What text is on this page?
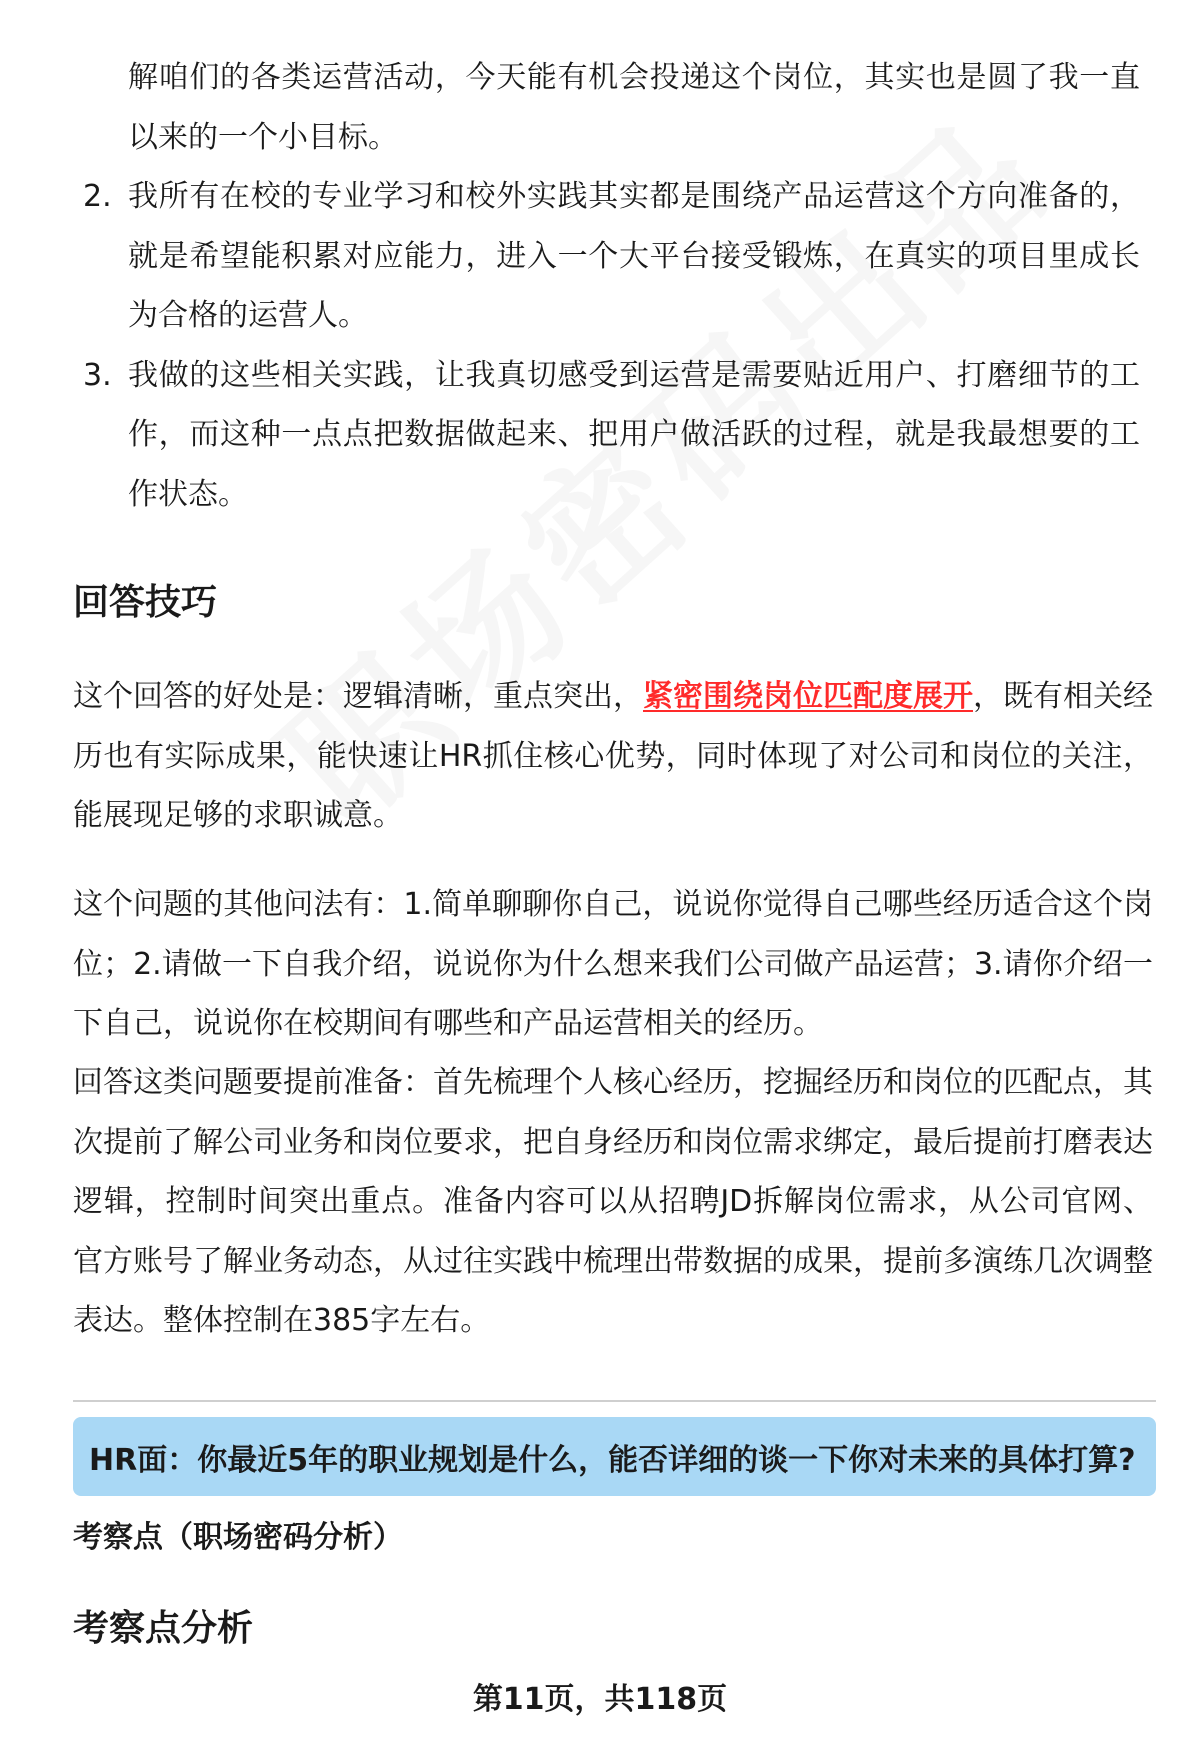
解咱们的各类运营活动，今天能有机会投递这个岗位，其实也是圆了我一直以来的一个小目标。
2. 我所有在校的专业学习和校外实践其实都是围绕产品运营这个方向准备的，就是希望能积累对应能力，进入一个大平台接受锻炼，在真实的项目里成长为合格的运营人。
3. 我做的这些相关实践，让我真切感受到运营是需要贴近用户、打磨细节的工作，而这种一点点把数据做起来、把用户做活跃的过程，就是我最想要的工作状态。
回答技巧

这个回答的好处是：逻辑清晰，重点突出，紧密围绕岗位匹配度展开，既有相关经历也有实际成果，能快速让HR抓住核心优势，同时体现了对公司和岗位的关注，能展现足够的求职诚意。

这个问题的其他问法有：1.简单聊聊你自己，说说你觉得自己哪些经历适合这个岗位；2.请做一下自我介绍，说说你为什么想来我们公司做产品运营；3.请你介绍一下自己，说说你在校期间有哪些和产品运营相关的经历。

回答这类问题要提前准备：首先梳理个人核心经历，挖掘经历和岗位的匹配点，其次提前了解公司业务和岗位要求，把自身经历和岗位需求绑定，最后提前打磨表达逻辑，控制时间突出重点。准备内容可以从招聘JD拆解岗位需求，从公司官网、官方账号了解业务动态，从过往实践中梳理出带数据的成果，提前多演练几次调整表达。整体控制在385字左右。

HR面：你最近5年的职业规划是什么，能否详细的谈一下你对未来的具体打算?
考察点（职场密码分析）
考察点分析
第11页，共118页
